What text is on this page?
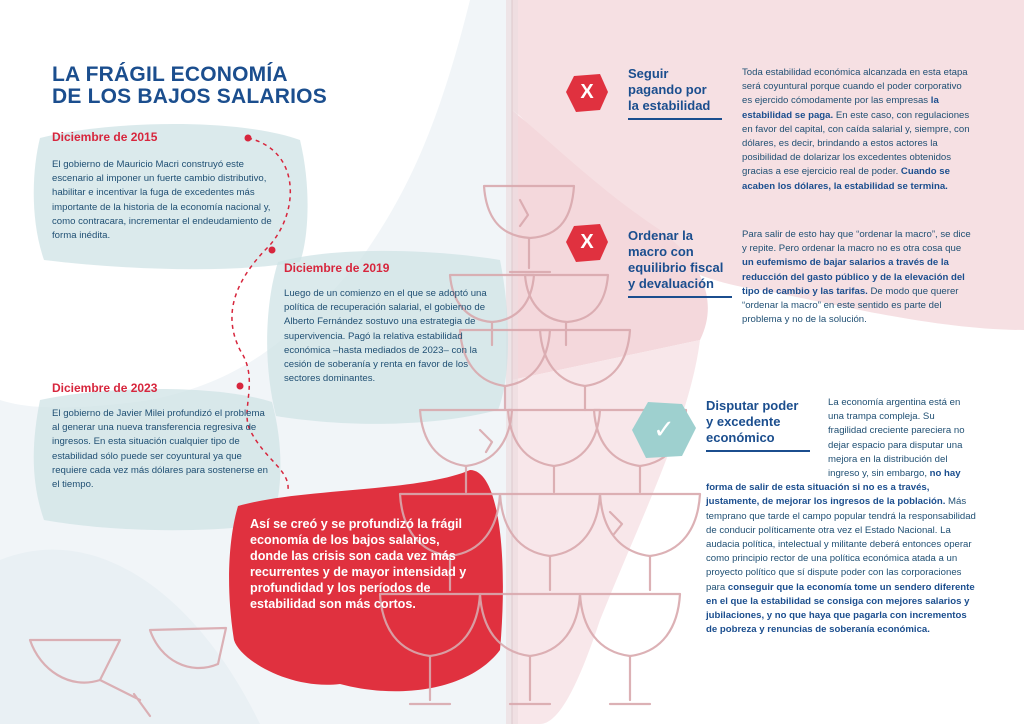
LA FRÁGIL ECONOMÍA
DE LOS BAJOS SALARIOS
Diciembre de 2015

El gobierno de Mauricio Macri construyó este escenario al imponer un fuerte cambio distributivo, habilitar e incentivar la fuga de excedentes más importante de la historia de la economía nacional y, como contracara, incrementar el endeudamiento de forma inédita.

Diciembre de 2019

Luego de un comienzo en el que se adoptó una política de recuperación salarial, el gobierno de Alberto Fernández sostuvo una estrategia de supervivencia. Pagó la relativa estabilidad económica –hasta mediados de 2023– con la cesión de soberanía y renta en favor de los sectores dominantes.

Diciembre de 2023

El gobierno de Javier Milei profundizó el problema al generar una nueva transferencia regresiva de ingresos. En esta situación cualquier tipo de estabilidad sólo puede ser coyuntural ya que requiere cada vez más dólares para sostenerse en el tiempo.

Así se creó y se profundizó la frágil economía de los bajos salarios, donde las crisis son cada vez más recurrentes y de mayor intensidad y profundidad y los períodos de estabilidad son más cortos.

X
Seguir
pagando por
la estabilidad

Toda estabilidad económica alcanzada en esta etapa será coyuntural porque cuando el poder corporativo es ejercido cómodamente por las empresas la estabilidad se paga. En este caso, con regulaciones en favor del capital, con caída salarial y, siempre, con dólares, es decir, brindando a estos actores la posibilidad de dolarizar los excedentes obtenidos gracias a ese ejercicio real de poder. Cuando se acaben los dólares, la estabilidad se termina.

X	Ordenar la
macro con
equilibrio fiscal
y devaluación

Para salir de esto hay que “ordenar la macro”, se dice y repite. Pero ordenar la macro no es otra cosa que un eufemismo de bajar salarios a través de la reducción del gasto público y de la elevación del tipo de cambio y las tarifas. De modo que querer “ordenar la macro” en este sentido es parte del problema y no de la solución.

✓
Disputar poder
y excedente
económico

La economía argentina está en una trampa compleja. Su fragilidad creciente pareciera no dejar espacio para disputar una mejora en la distribución del ingreso y, sin embargo, no hay forma de salir de esta situación si no es a través, justamente, de mejorar los ingresos de la población. Más temprano que tarde el campo popular tendrá la responsabilidad de conducir políticamente otra vez el Estado Nacional. La audacia política, intelectual y militante deberá entonces operar como principio rector de una política económica atada a un proyecto político que sí dispute poder con las corporaciones para conseguir que la economía tome un sendero diferente en el que la estabilidad se consiga con mejores salarios y jubilaciones, y no que haya que pagarla con incrementos de pobreza y renuncias de soberanía económica.
